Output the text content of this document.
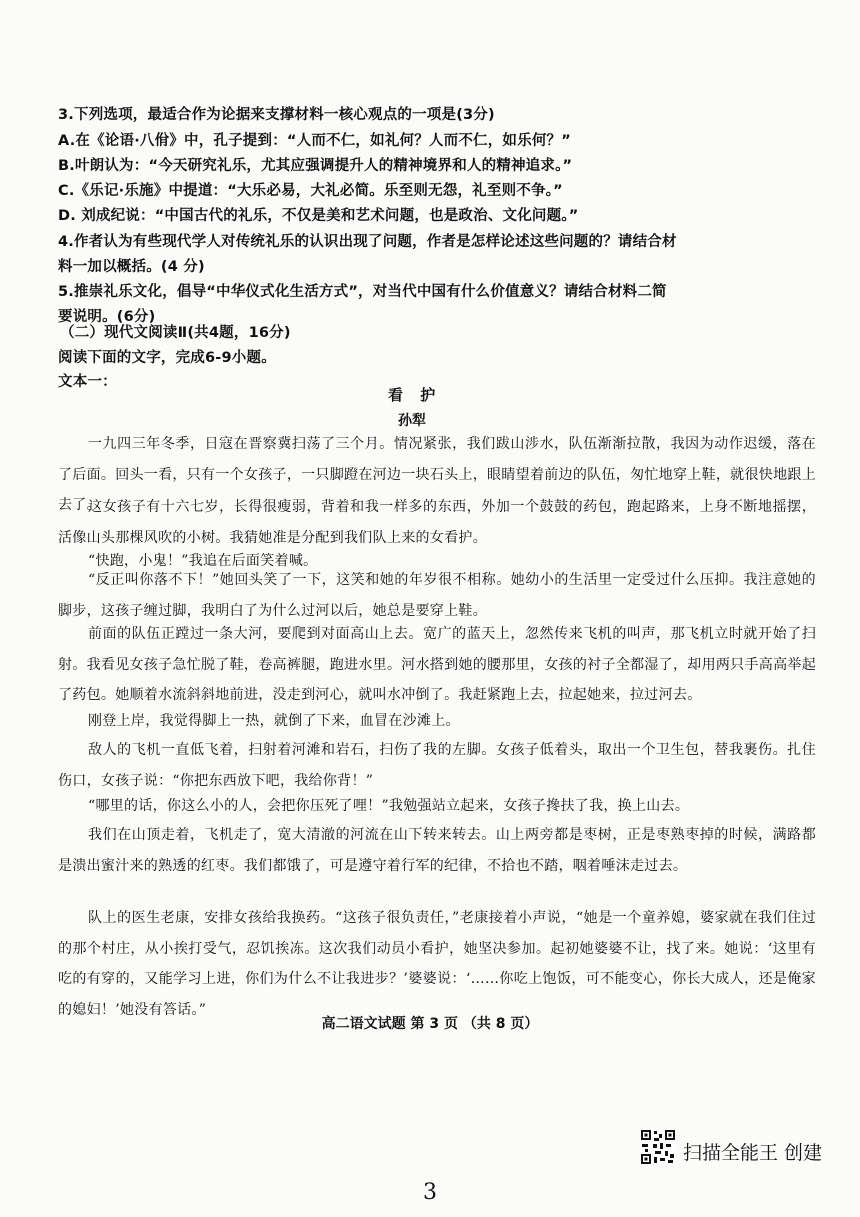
3.下列选项，最适合作为论据来支撑材料一核心观点的一项是(3分)
A.在《论语·八佾》中，孔子提到：“人而不仁，如礼何？人而不仁，如乐何？”
B.叶朗认为：“今天研究礼乐，尤其应强调提升人的精神境界和人的精神追求。”
C.《乐记·乐施》中提道：“大乐必易，大礼必简。乐至则无怨，礼至则不争。”
D. 刘成纪说：“中国古代的礼乐，不仅是美和艺术问题，也是政治、文化问题。”
4.作者认为有些现代学人对传统礼乐的认识出现了问题，作者是怎样论述这些问题的？请结合材
料一加以概括。(4 分)
5.推崇礼乐文化，倡导“中华仪式化生活方式”，对当代中国有什么价值意义？请结合材料二简
要说明。(6分)
（二）现代文阅读Ⅱ(共4题，16分)
阅读下面的文字，完成6-9小题。
文本一：
看 护
孙犁
一九四三年冬季，日寇在晋察冀扫荡了三个月。情况紧张，我们跋山涉水，队伍渐渐拉散，我因为动作迟缓，落在了后面。回头一看，只有一个女孩子，一只脚蹬在河边一块石头上，眼睛望着前边的队伍，匆忙地穿上鞋，就很快地跟上去了。
这女孩子有十六七岁，长得很瘦弱，背着和我一样多的东西，外加一个鼓鼓的药包，跑起路来，上身不断地摇摆，活像山头那棵风吹的小树。我猜她准是分配到我们队上来的女看护。
“快跑，小鬼！”我追在后面笑着喊。
“反正叫你落不下！”她回头笑了一下，这笑和她的年岁很不相称。她幼小的生活里一定受过什么压抑。我注意她的脚步，这孩子缠过脚，我明白了为什么过河以后，她总是要穿上鞋。
前面的队伍正蹚过一条大河，要爬到对面高山上去。宽广的蓝天上，忽然传来飞机的叫声，那飞机立时就开始了扫射。我看见女孩子急忙脱了鞋，卷高裤腿，跑进水里。河水搭到她的腰那里，女孩的衬子全都湿了，却用两只手高高举起了药包。她顺着水流斜斜地前进，没走到河心，就叫水冲倒了。我赶紧跑上去，拉起她来，拉过河去。
刚登上岸，我觉得脚上一热，就倒了下来，血冒在沙滩上。
敌人的飞机一直低飞着，扫射着河滩和岩石，扫伤了我的左脚。女孩子低着头，取出一个卫生包，替我裹伤。扎住伤口，女孩子说：“你把东西放下吧，我给你背！”
“哪里的话，你这么小的人，会把你压死了哩！”我勉强站立起来，女孩子搀扶了我，换上山去。
我们在山顶走着，飞机走了，宽大清澈的河流在山下转来转去。山上两旁都是枣树，正是枣熟枣掉的时候，满路都是溃出蜜汁来的熟透的红枣。我们都饿了，可是遵守着行军的纪律，不拾也不踏，咽着唾沫走过去。
队上的医生老康，安排女孩给我换药。“这孩子很负责任，”老康接着小声说，“她是一个童养媳，婆家就在我们住过的那个村庄，从小挨打受气，忍饥挨冻。这次我们动员小看护，她坚决参加。起初她婆婆不让，找了来。她说：‘这里有吃的有穿的，又能学习上进，你们为什么不让我进步？’婆婆说：‘……你吃上饱饭，可不能变心，你长大成人，还是俺家的媳妇！’她没有答话。”
高二语文试题 第 3 页 （共 8 页）
扫描全能王 创建
3
